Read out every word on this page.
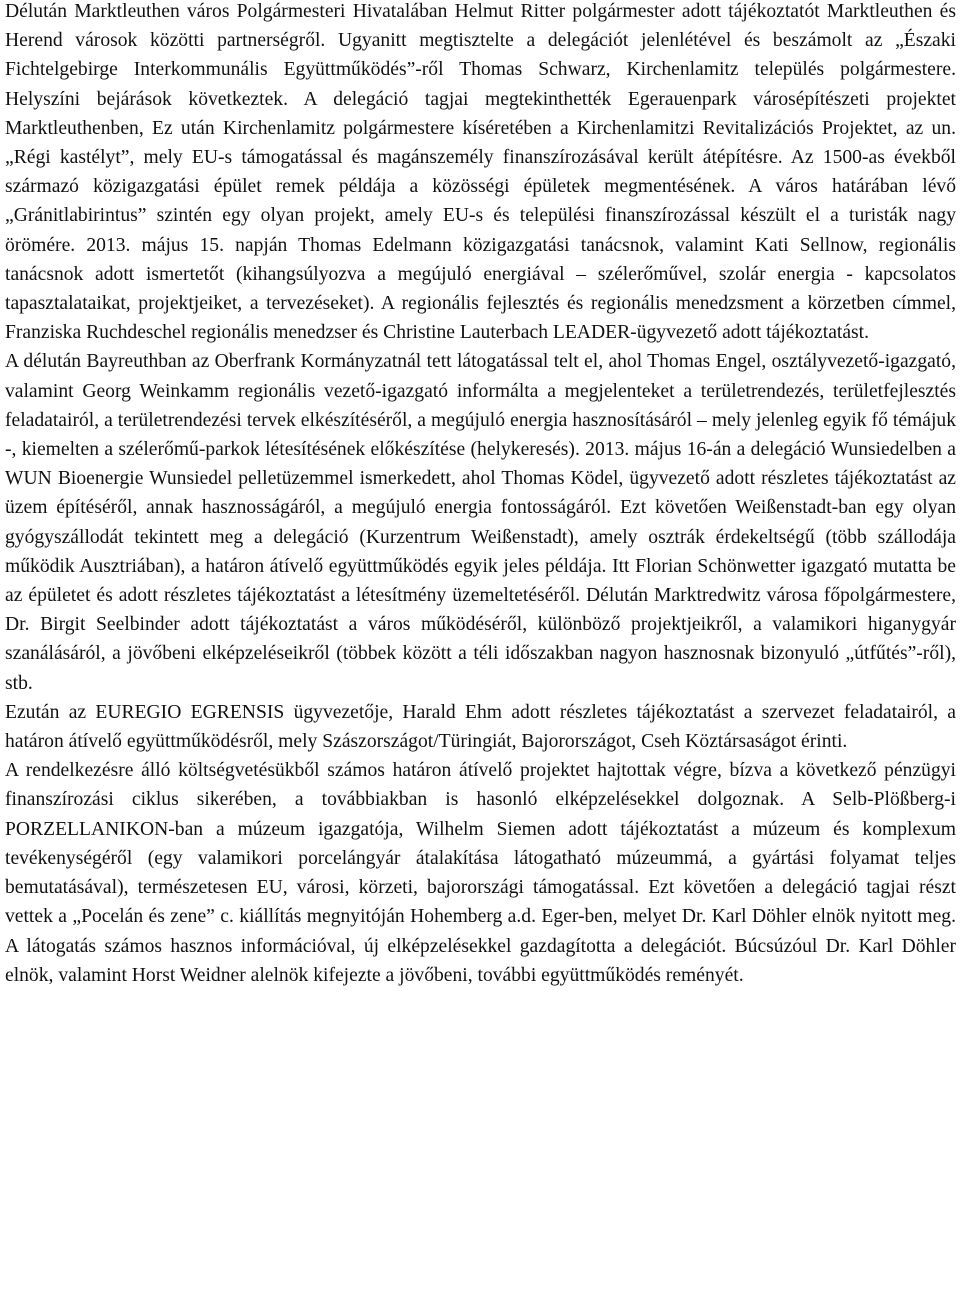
Délután Marktleuthen város Polgármesteri Hivatalában Helmut Ritter polgármester adott tájékoztatót Marktleuthen és Herend városok közötti partnerségről. Ugyanitt megtisztelte a delegációt jelenlétével és beszámolt az „Északi Fichtelgebirge Interkommunális Együttműködés”-ről Thomas Schwarz, Kirchenlamitz település polgármestere. Helyszíni bejárások következtek. A delegáció tagjai megtekinthették Egerauenpark városépítészeti projektet Marktleuthenben, Ez után Kirchenlamitz polgármestere kíséretében a Kirchenlamitzi Revitalizációs Projektet, az un. „Régi kastélyt”, mely EU-s támogatással és magánszemély finanszírozásával került átépítésre. Az 1500-as évekből származó közigazgatási épület remek példája a közösségi épületek megmentésének. A város határában lévő „Gránitlabirintus” szintén egy olyan projekt, amely EU-s és települési finanszírozással készült el a turisták nagy örömére. 2013. május 15. napján Thomas Edelmann közigazgatási tanácsnok, valamint Kati Sellnow, regionális tanácsnok adott ismertetőt (kihangsúlyozva a megújuló energiával – szélerőművel, szolár energia - kapcsolatos tapasztalataikat, projektjeiket, a tervezéseket). A regionális fejlesztés és regionális menedzsment a körzetben címmel, Franziska Ruchdeschel regionális menedzser és Christine Lauterbach LEADER-ügyvezető adott tájékoztatást.

A délután Bayreuthban az Oberfrank Kormányzatnál tett látogatással telt el, ahol Thomas Engel, osztályvezető-igazgató, valamint Georg Weinkamm regionális vezető-igazgató informálta a megjelenteket a területrendezés, területfejlesztés feladatairól, a területrendezési tervek elkészítéséről, a megújuló energia hasznosításáról – mely jelenleg egyik fő témájuk -, kiemelten a szélerőmű-parkok létesítésének előkészítése (helykeresés). 2013. május 16-án a delegáció Wunsiedelben a WUN Bioenergie Wunsiedel pelletüzemmel ismerkedett, ahol Thomas Ködel, ügyvezető adott részletes tájékoztatást az üzem építéséről, annak hasznosságáról, a megújuló energia fontosságáról. Ezt követően Weißenstadt-ban egy olyan gyógyszállodát tekintett meg a delegáció (Kurzentrum Weißenstadt), amely osztrák érdekeltségű (több szállodája működik Ausztriában), a határon átívelő együttműködés egyik jeles példája. Itt Florian Schönwetter igazgató mutatta be az épületet és adott részletes tájékoztatást a létesítmény üzemeltetéséről. Délután Marktredwitz városa főpolgármestere, Dr. Birgit Seelbinder adott tájékoztatást a város működéséről, különböző projektjeikről, a valamikori higanygyár szanálásáról, a jövőbeni elképzeléseikről (többek között a téli időszakban nagyon hasznosnak bizonyuló „útfűtés”-ről), stb.

Ezután az EUREGIO EGRENSIS ügyvezetője, Harald Ehm adott részletes tájékoztatást a szervezet feladatairól, a határon átívelő együttműködésről, mely Szászországot/Türingiát, Bajorországot, Cseh Köztársaságot érinti.

A rendelkezésre álló költségvetésükből számos határon átívelő projektet hajtottak végre, bízva a következő pénzügyi finanszírozási ciklus sikerében, a továbbiakban is hasonló elképzelésekkel dolgoznak. A Selb-Plößberg-i PORZELLANIKON-ban a múzeum igazgatója, Wilhelm Siemen adott tájékoztatást a múzeum és komplexum tevékenységéről (egy valamikori porcelángyár átalakítása látogatható múzeummá, a gyártási folyamat teljes bemutatásával), természetesen EU, városi, körzeti, bajorországi támogatással. Ezt követően a delegáció tagjai részt vettek a „Pocelán és zene” c. kiállítás megnyitóján Hohemberg a.d. Eger-ben, melyet Dr. Karl Döhler elnök nyitott meg. A látogatás számos hasznos információval, új elképzelésekkel gazdagította a delegációt. Búcsúzóul Dr. Karl Döhler elnök, valamint Horst Weidner alelnök kifejezte a jövőbeni, további együttműködés reményét.
